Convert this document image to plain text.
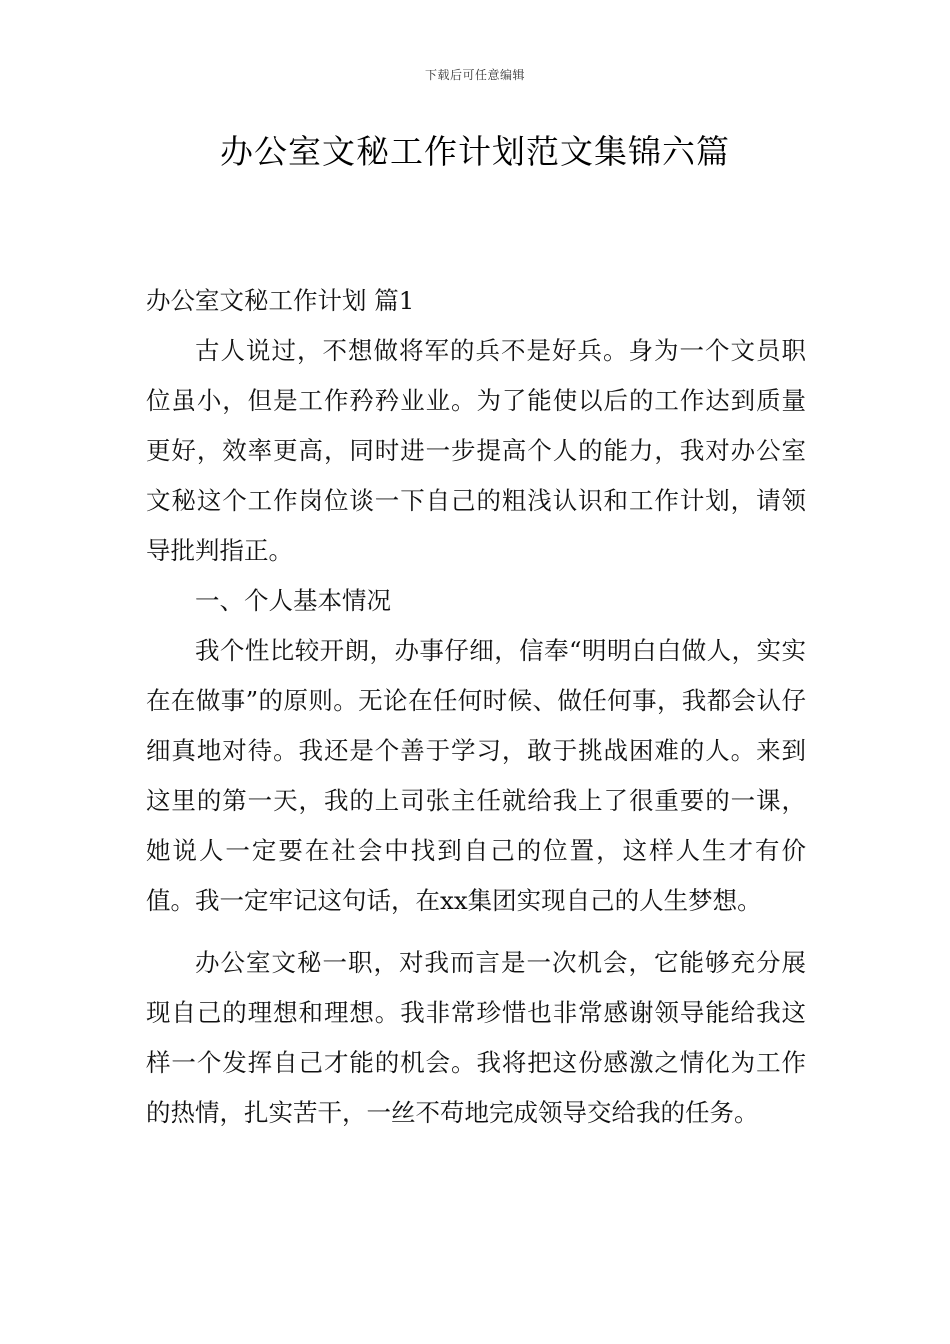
下载后可任意编辑
办公室文秘工作计划范文集锦六篇

办公室文秘工作计划 篇1

古人说过，不想做将军的兵不是好兵。身为一个文员职位虽小，但是工作矜矜业业。为了能使以后的工作达到质量更好，效率更高，同时进一步提高个人的能力，我对办公室文秘这个工作岗位谈一下自己的粗浅认识和工作计划，请领导批判指正。

一、个人基本情况

我个性比较开朗，办事仔细，信奉“明明白白做人，实实在在做事”的原则。无论在任何时候、做任何事，我都会认仔细真地对待。我还是个善于学习，敢于挑战困难的人。来到这里的第一天，我的上司张主任就给我上了很重要的一课，她说人一定要在社会中找到自己的位置，这样人生才有价值。我一定牢记这句话，在xx集团实现自己的人生梦想。

办公室文秘一职，对我而言是一次机会，它能够充分展现自己的理想和理想。我非常珍惜也非常感谢领导能给我这样一个发挥自己才能的机会。我将把这份感激之情化为工作的热情，扎实苦干，一丝不苟地完成领导交给我的任务。
